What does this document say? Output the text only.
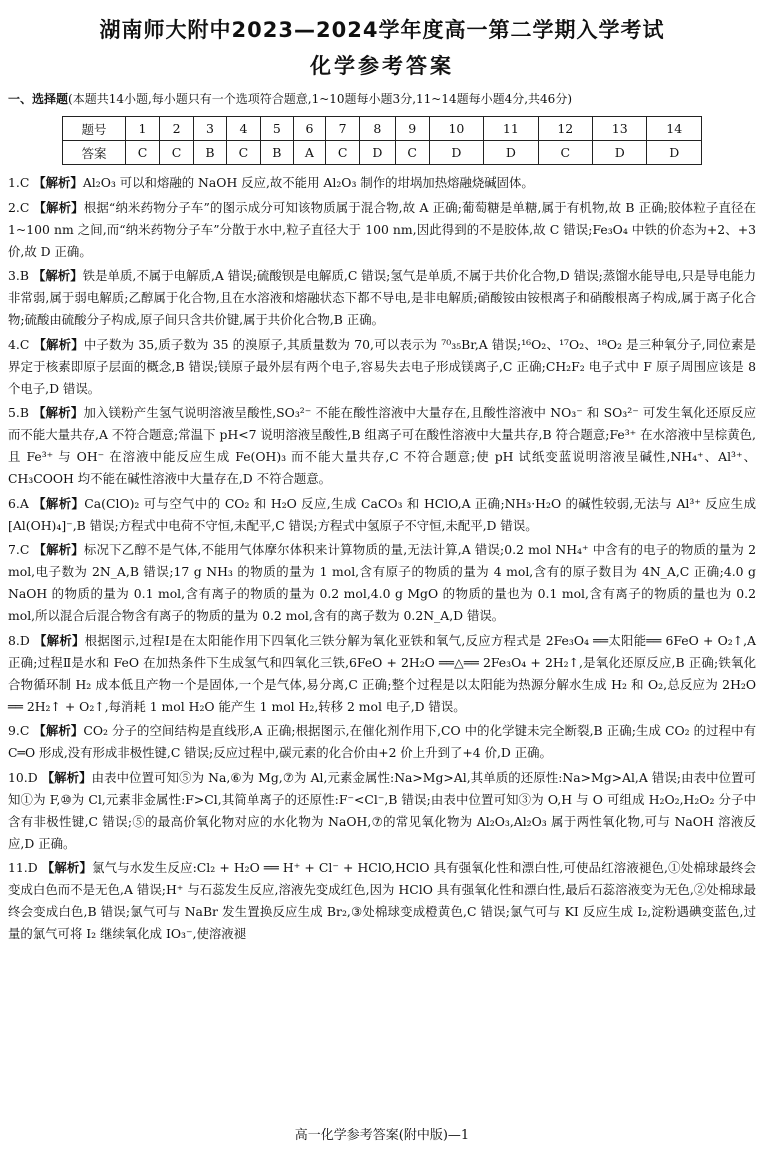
湖南师大附中2023—2024学年度高一第二学期入学考试
化学参考答案
一、选择题(本题共14小题,每小题只有一个选项符合题意,1~10题每小题3分,11~14题每小题4分,共46分)
题号	1	2	3	4	5	6	7	8	9	10	11	12	13	14
答案	C	C	B	C	B	A	C	D	C	D	D	C	D	D
1.C 【解析】Al₂O₃ 可以和熔融的 NaOH 反应,故不能用 Al₂O₃ 制作的坩埚加热熔融烧碱固体。
2.C 【解析】根据“纳米药物分子车”的图示成分可知该物质属于混合物,故 A 正确;葡萄糖是单糖,属于有机物,故 B 正确;胶体粒子直径在 1~100 nm 之间,而“纳米药物分子车”分散于水中,粒子直径大于 100 nm,因此得到的不是胶体,故 C 错误;Fe₃O₄ 中铁的价态为+2、+3 价,故 D 正确。
3.B 【解析】铁是单质,不属于电解质,A 错误;硫酸钡是电解质,C 错误;氢气是单质,不属于共价化合物,D 错误;蒸馏水能导电,只是导电能力非常弱,属于弱电解质;乙醇属于化合物,且在水溶液和熔融状态下都不导电,是非电解质;硝酸铵由铵根离子和硝酸根离子构成,属于离子化合物;硫酸由硫酸分子构成,原子间只含共价键,属于共价化合物,B 正确。
4.C 【解析】中子数为 35,质子数为 35 的溴原子,其质量数为 70,可以表示为 ⁷⁰₃₅Br,A 错误;¹⁶O₂、¹⁷O₂、¹⁸O₂ 是三种氧分子,同位素是界定于核素即原子层面的概念,B 错误;镁原子最外层有两个电子,容易失去电子形成镁离子,C 正确;CH₂F₂ 电子式中 F 原子周围应该是 8 个电子,D 错误。
5.B 【解析】加入镁粉产生氢气说明溶液呈酸性,SO₃²⁻ 不能在酸性溶液中大量存在,且酸性溶液中 NO₃⁻ 和 SO₃²⁻ 可发生氧化还原反应而不能大量共存,A 不符合题意;常温下 pH<7 说明溶液呈酸性,B 组离子可在酸性溶液中大量共存,B 符合题意;Fe³⁺ 在水溶液中呈棕黄色,且 Fe³⁺ 与 OH⁻ 在溶液中能反应生成 Fe(OH)₃ 而不能大量共存,C 不符合题意;使 pH 试纸变蓝说明溶液呈碱性,NH₄⁺、Al³⁺、CH₃COOH 均不能在碱性溶液中大量存在,D 不符合题意。
6.A 【解析】Ca(ClO)₂ 可与空气中的 CO₂ 和 H₂O 反应,生成 CaCO₃ 和 HClO,A 正确;NH₃·H₂O 的碱性较弱,无法与 Al³⁺ 反应生成[Al(OH)₄]⁻,B 错误;方程式中电荷不守恒,未配平,C 错误;方程式中氢原子不守恒,未配平,D 错误。
7.C 【解析】标况下乙醇不是气体,不能用气体摩尔体积来计算物质的量,无法计算,A 错误;0.2 mol NH₄⁺ 中含有的电子的物质的量为 2 mol,电子数为 2N_A,B 错误;17 g NH₃ 的物质的量为 1 mol,含有原子的物质的量为 4 mol,含有的原子数目为 4N_A,C 正确;4.0 g NaOH 的物质的量为 0.1 mol,含有离子的物质的量为 0.2 mol,4.0 g MgO 的物质的量也为 0.1 mol,含有离子的物质的量也为 0.2 mol,所以混合后混合物含有离子的物质的量为 0.2 mol,含有的离子数为 0.2N_A,D 错误。
8.D 【解析】根据图示,过程Ⅰ是在太阳能作用下四氧化三铁分解为氧化亚铁和氧气,反应方程式是 2Fe₃O₄ ══太阳能══ 6FeO + O₂↑,A 正确;过程Ⅱ是水和 FeO 在加热条件下生成氢气和四氧化三铁,6FeO + 2H₂O ══△══ 2Fe₃O₄ + 2H₂↑,是氧化还原反应,B 正确;铁氧化合物循环制 H₂ 成本低且产物一个是固体,一个是气体,易分离,C 正确;整个过程是以太阳能为热源分解水生成 H₂ 和 O₂,总反应为 2H₂O ══ 2H₂↑ + O₂↑,每消耗 1 mol H₂O 能产生 1 mol H₂,转移 2 mol 电子,D 错误。
9.C 【解析】CO₂ 分子的空间结构是直线形,A 正确;根据图示,在催化剂作用下,CO 中的化学键未完全断裂,B 正确;生成 CO₂ 的过程中有 C═O 形成,没有形成非极性键,C 错误;反应过程中,碳元素的化合价由+2 价上升到了+4 价,D 正确。
10.D 【解析】由表中位置可知⑤为 Na,⑥为 Mg,⑦为 Al,元素金属性:Na>Mg>Al,其单质的还原性:Na>Mg>Al,A 错误;由表中位置可知①为 F,⑩为 Cl,元素非金属性:F>Cl,其简单离子的还原性:F⁻<Cl⁻,B 错误;由表中位置可知③为 O,H 与 O 可组成 H₂O₂,H₂O₂ 分子中含有非极性键,C 错误;⑤的最高价氧化物对应的水化物为 NaOH,⑦的常见氧化物为 Al₂O₃,Al₂O₃ 属于两性氧化物,可与 NaOH 溶液反应,D 正确。
11.D 【解析】氯气与水发生反应:Cl₂ + H₂O ══ H⁺ + Cl⁻ + HClO,HClO 具有强氧化性和漂白性,可使品红溶液褪色,①处棉球最终会变成白色而不是无色,A 错误;H⁺ 与石蕊发生反应,溶液先变成红色,因为 HClO 具有强氧化性和漂白性,最后石蕊溶液变为无色,②处棉球最终会变成白色,B 错误;氯气可与 NaBr 发生置换反应生成 Br₂,③处棉球变成橙黄色,C 错误;氯气可与 KI 反应生成 I₂,淀粉遇碘变蓝色,过量的氯气可将 I₂ 继续氧化成 IO₃⁻,使溶液褪
高一化学参考答案(附中版)—1
